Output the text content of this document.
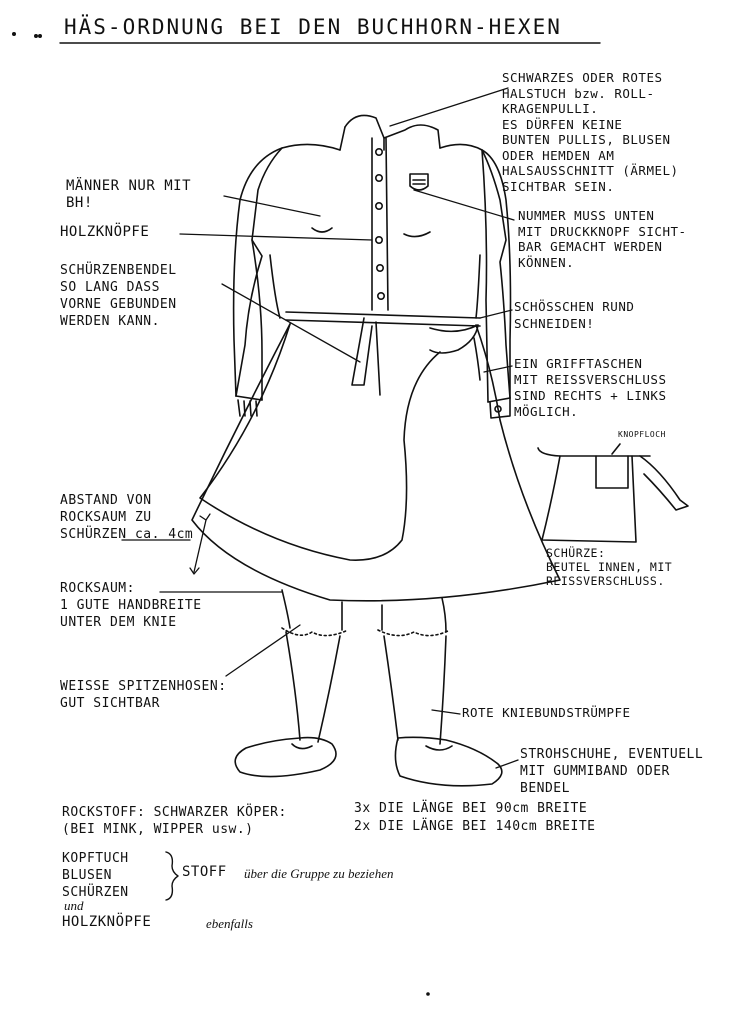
HÄS-ORDNUNG BEI DEN BUCHHORN-HEXEN
SCHWARZES ODER ROTES
HALSTUCH bzw. ROLL-
KRAGENPULLI.
ES DÜRFEN KEINE
BUNTEN PULLIS, BLUSEN
ODER HEMDEN AM
HALSAUSSCHNITT (ÄRMEL)
SICHTBAR SEIN.
MÄNNER NUR MIT
BH!
HOLZKNÖPFE
NUMMER MUSS UNTEN
MIT DRUCKKNOPF SICHT-
BAR GEMACHT WERDEN
KÖNNEN.
SCHÜRZENBENDEL
SO LANG DASS
VORNE GEBUNDEN
WERDEN KANN.
SCHÖSSCHEN RUND
SCHNEIDEN!
EIN GRIFFTASCHEN
MIT REISSVERSCHLUSS
SIND RECHTS + LINKS
MÖGLICH.
KNOPFLOCH
SCHÜRZE:
BEUTEL INNEN, MIT
REISSVERSCHLUSS.
ABSTAND VON
ROCKSAUM ZU
SCHÜRZEN ca. 4cm
ROCKSAUM:
1 GUTE HANDBREITE
UNTER DEM KNIE
WEISSE SPITZENHOSEN:
GUT SICHTBAR
ROTE KNIEBUNDSTRÜMPFE
STROHSCHUHE, EVENTUELL
MIT GUMMIBAND ODER
BENDEL
ROCKSTOFF: SCHWARZER KÖPER:
(BEI MINK, WIPPER usw.)
3x DIE LÄNGE BEI 90cm BREITE
2x DIE LÄNGE BEI 140cm BREITE
KOPFTUCH
BLUSEN
SCHÜRZEN
und
HOLZKNÖPFE
STOFF über die Gruppe zu beziehen
ebenfalls
